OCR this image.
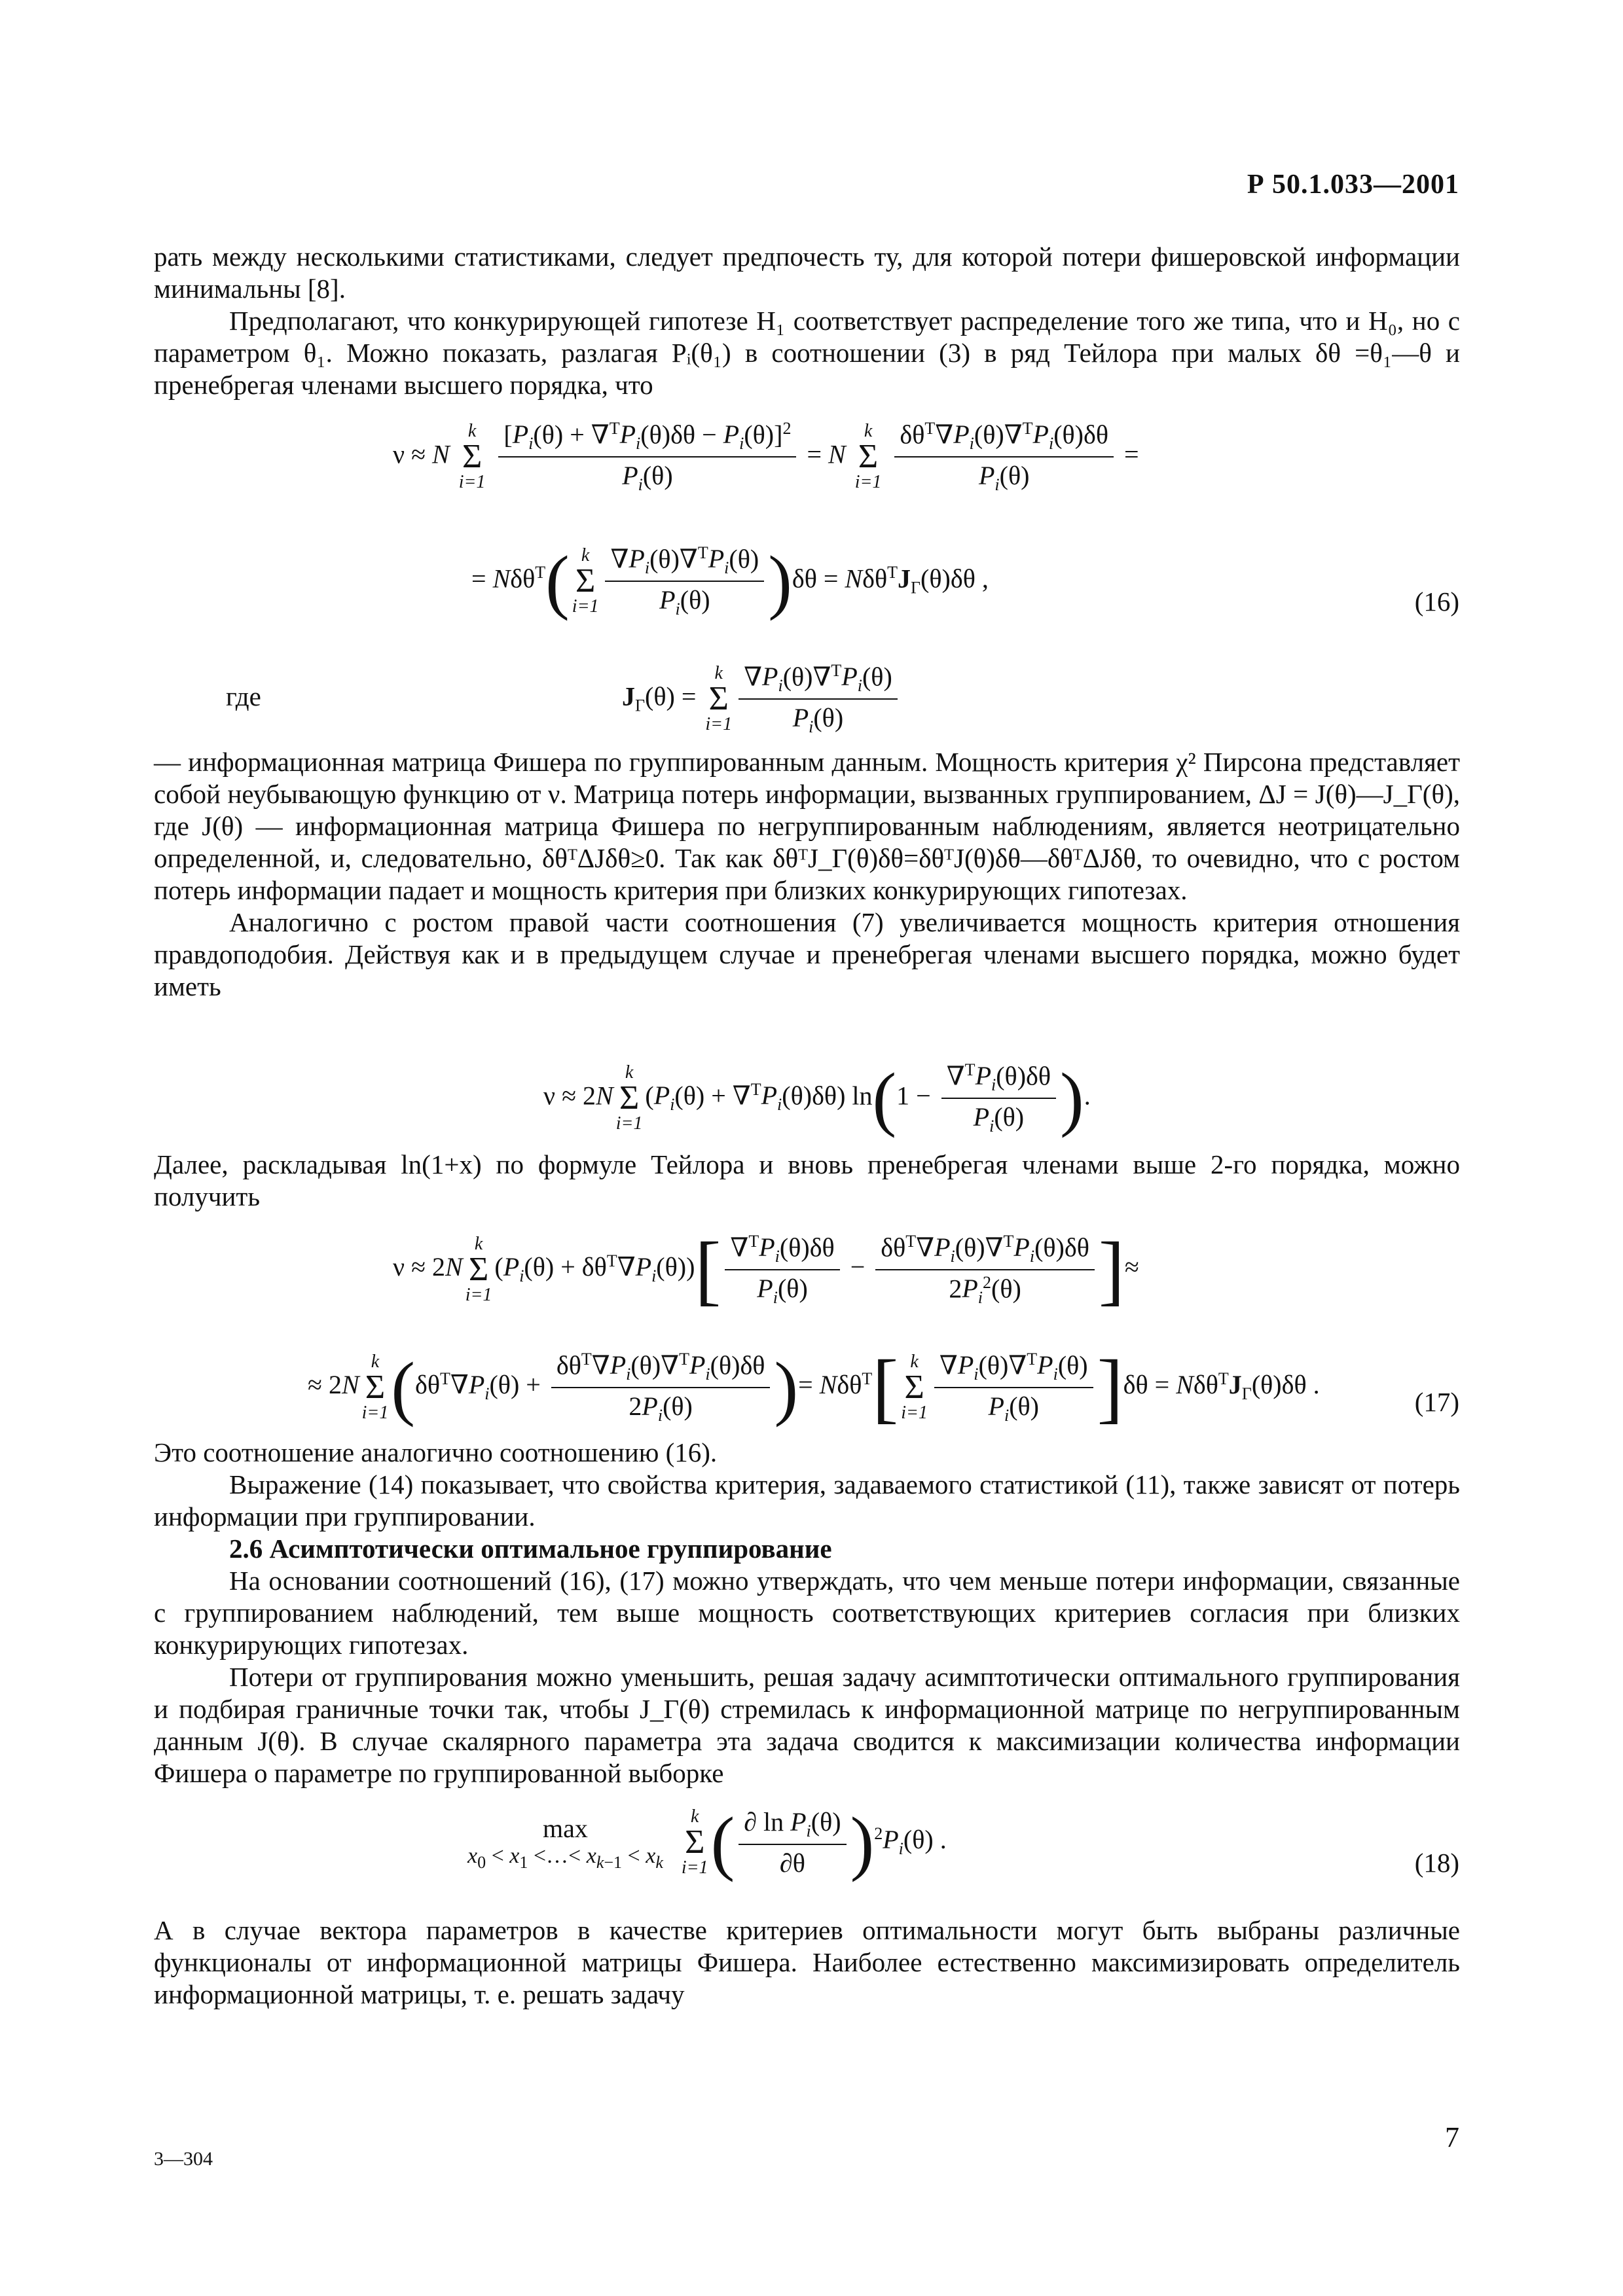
Р 50.1.033—2001

рать между несколькими статистиками, следует предпочесть ту, для которой потери фишеровской информации минимальны [8].

Предполагают, что конкурирующей гипотезе H₁ соответствует распределение того же типа, что и H₀, но с параметром θ₁. Можно показать, разлагая Pᵢ(θ₁) в соотношении (3) в ряд Тейлора при малых δθ =θ₁—θ и пренебрегая членами высшего порядка, что

ν ≈ N
k
Σ
i=1
$\frac{[P_i(\theta) + \nabla^TP_i(\theta)\delta\theta - P_i(\theta)]^2}{P_i(\theta)} = N$
k
Σ
i=1
$\frac{\delta\theta^T\nabla P_i(\theta)\nabla^TP_i(\theta)\delta\theta}{P_i(\theta)}$ =
= Nδθ$^T$( k
Σ
$i=1 \frac{\nabla P_i(\theta)\nabla^TP_i(\theta)}{P_i(\theta)} )\delta\theta = N\delta\theta^TJ_\Gamma(\theta)\delta\theta$ ,
(16)
где	$J_\Gamma(\theta)$ =
k
Σ
$i=1 \frac{\nabla P_i(\theta)\nabla^TP_i(\theta)}{P_i(\theta)}$

— информационная матрица Фишера по группированным данным. Мощность критерия χ² Пирсона представляет собой неубывающую функцию от ν. Матрица потерь информации, вызванных группированием, ΔJ = J(θ)—J_Γ(θ), где J(θ) — информационная матрица Фишера по негруппированным наблюдениям, является неотрицательно определенной, и, следовательно, δθᵀΔJδθ≥0. Так как δθᵀJ_Γ(θ)δθ=δθᵀJ(θ)δθ—δθᵀΔJδθ, то очевидно, что с ростом потерь информации падает и мощность критерия при близких конкурирующих гипотезах.

Аналогично с ростом правой части соотношения (7) увеличивается мощность критерия отношения правдоподобия. Действуя как и в предыдущем случае и пренебрегая членами высшего порядка, можно будет иметь

ν ≈ 2N
k
Σ
i=1
$(P_i(\theta) + \nabla^TP_i(\theta)\delta\theta) \ln(1 - \frac{\nabla^TP_i(\theta)\delta\theta}{P_i(\theta)}$ ).

Далее, раскладывая ln(1+x) по формуле Тейлора и вновь пренебрегая членами выше 2-го порядка, можно получить

ν ≈ 2N
k
Σ
i=1
$(P_i(\theta) + \delta\theta^T\nabla P_i(\theta))[ \frac{\nabla^TP_i(\theta)\delta\theta}{P_i(\theta)} - \frac{\delta\theta^T\nabla P_i(\theta)\nabla^TP_i(\theta)\delta\theta}{2P_i^2(\theta)}$ ]≈
≈ 2N
k
Σ
i=1 ($\delta\theta^T\nabla P_i(\theta) + \frac{\delta\theta^T\nabla P_i(\theta)\nabla^TP_i(\theta)\delta\theta}{2P_i(\theta)}$ )= Nδθ$^T$[ k
Σ
$i=1 \frac{\nabla P_i(\theta)\nabla^TP_i(\theta)}{P_i(\theta)} ]\delta\theta = N\delta\theta^TJ_\Gamma(\theta)\delta\theta$ .
(17)

Это соотношение аналогично соотношению (16).

Выражение (14) показывает, что свойства критерия, задаваемого статистикой (11), также зависят от потерь информации при группировании.

2.6 Асимптотически оптимальное группирование

На основании соотношений (16), (17) можно утверждать, что чем меньше потери информации, связанные с группированием наблюдений, тем выше мощность соответствующих критериев согласия при близких конкурирующих гипотезах.

Потери от группирования можно уменьшить, решая задачу асимптотически оптимального группирования и подбирая граничные точки так, чтобы J_Γ(θ) стремилась к информационной матрице по негруппированным данным J(θ). В случае скалярного параметра эта задача сводится к максимизации количества информации Фишера о параметре по группированной выборке

max
$x_0 < x_1$ <…< $x_{k-1} < x_k$

k
Σ
i=1 ( $\frac{\partial \ln P_i(\theta)}{\partial\theta} )^2P_i(\theta)$ .
(18)

А в случае вектора параметров в качестве критериев оптимальности могут быть выбраны различные функционалы от информационной матрицы Фишера. Наиболее естественно максимизировать определитель информационной матрицы, т. е. решать задачу

3—304
7
